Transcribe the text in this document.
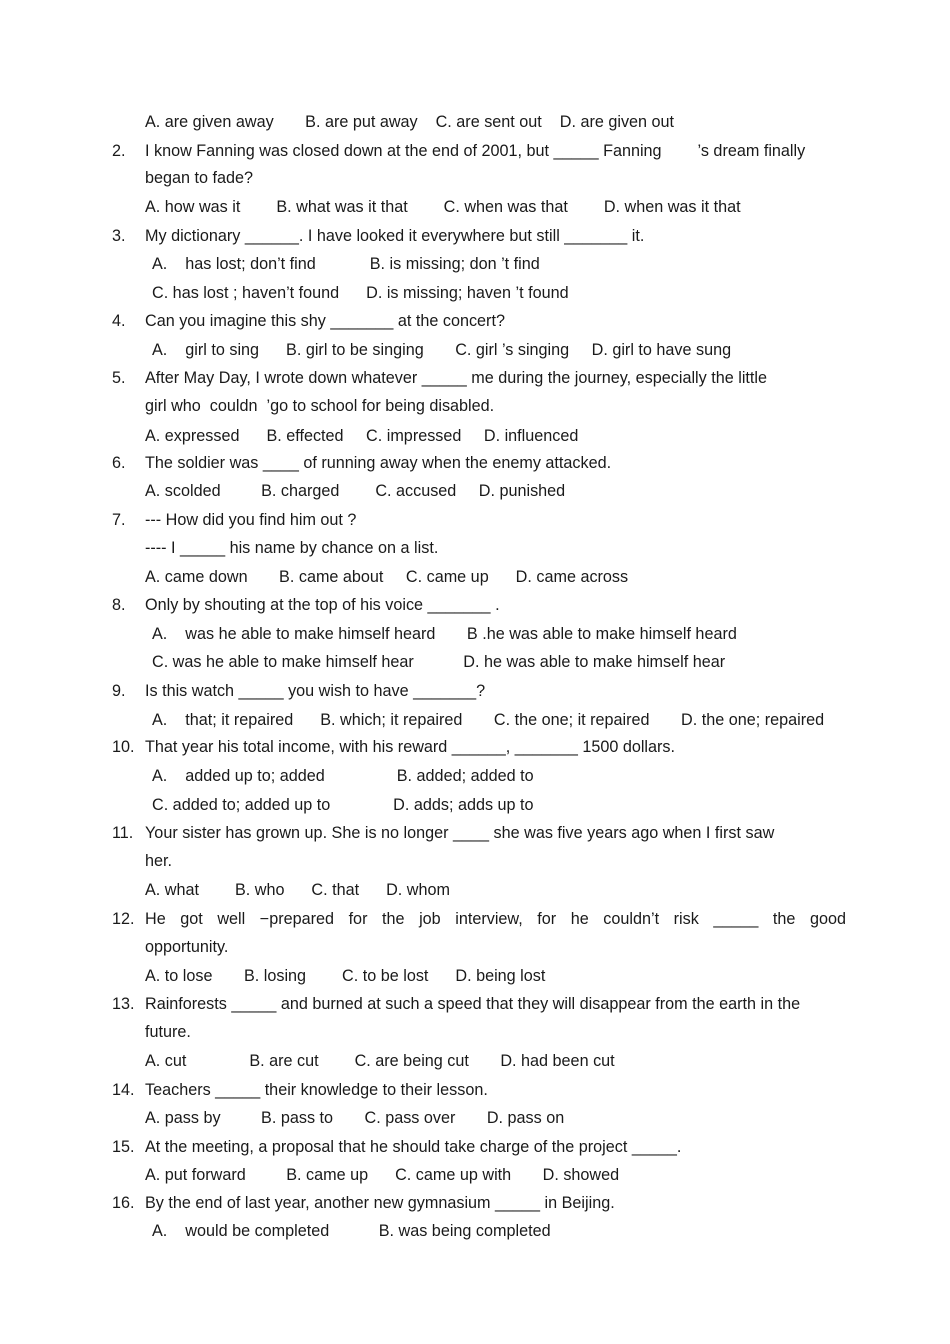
A. are given away       B. are put away    C. are sent out    D. are given out
2. I know Fanning was closed down at the end of 2001, but _____ Fanning        ’s dream finally
began to fade?
A. how was it        B. what was it that        C. when was that        D. when was it that
3. My dictionary ______. I have looked it everywhere but still _______ it.
A.    has lost; don’t find            B. is missing; don ’t find
C. has lost ; haven’t found      D. is missing; haven ’t found
4. Can you imagine this shy _______ at the concert?
A.    girl to sing      B. girl to be singing       C. girl ’s singing     D. girl to have sung
5. After May Day, I wrote down whatever _____ me during the journey, especially the little
girl who  couldn  ’go to school for being disabled.
A. expressed      B. effected     C. impressed     D. influenced
6. The soldier was ____ of running away when the enemy attacked.
A. scolded         B. charged        C. accused     D. punished
7. --- How did you find him out ?
---- I _____ his name by chance on a list.
A. came down       B. came about     C. came up      D. came across
8. Only by shouting at the top of his voice _______ .
A.    was he able to make himself heard       B .he was able to make himself heard
C. was he able to make himself hear           D. he was able to make himself hear
9. Is this watch _____ you wish to have _______?
A.    that; it repaired      B. which; it repaired       C. the one; it repaired       D. the one; repaired
10. That year his total income, with his reward ______, _______ 1500 dollars.
A.    added up to; added                B. added; added to
C. added to; added up to              D. adds; adds up to
11. Your sister has grown up. She is no longer ____ she was five years ago when I first saw
her.
A. what        B. who      C. that      D. whom
12. He got well −prepared for the job interview, for he couldn’t risk _____ the good
opportunity.
A. to lose       B. losing        C. to be lost      D. being lost
13. Rainforests _____ and burned at such a speed that they will disappear from the earth in the
future.
A. cut              B. are cut        C. are being cut       D. had been cut
14. Teachers _____ their knowledge to their lesson.
A. pass by         B. pass to       C. pass over       D. pass on
15. At the meeting, a proposal that he should take charge of the project _____.
A. put forward         B. came up      C. came up with       D. showed
16. By the end of last year, another new gymnasium _____ in Beijing.
A.    would be completed           B. was being completed
